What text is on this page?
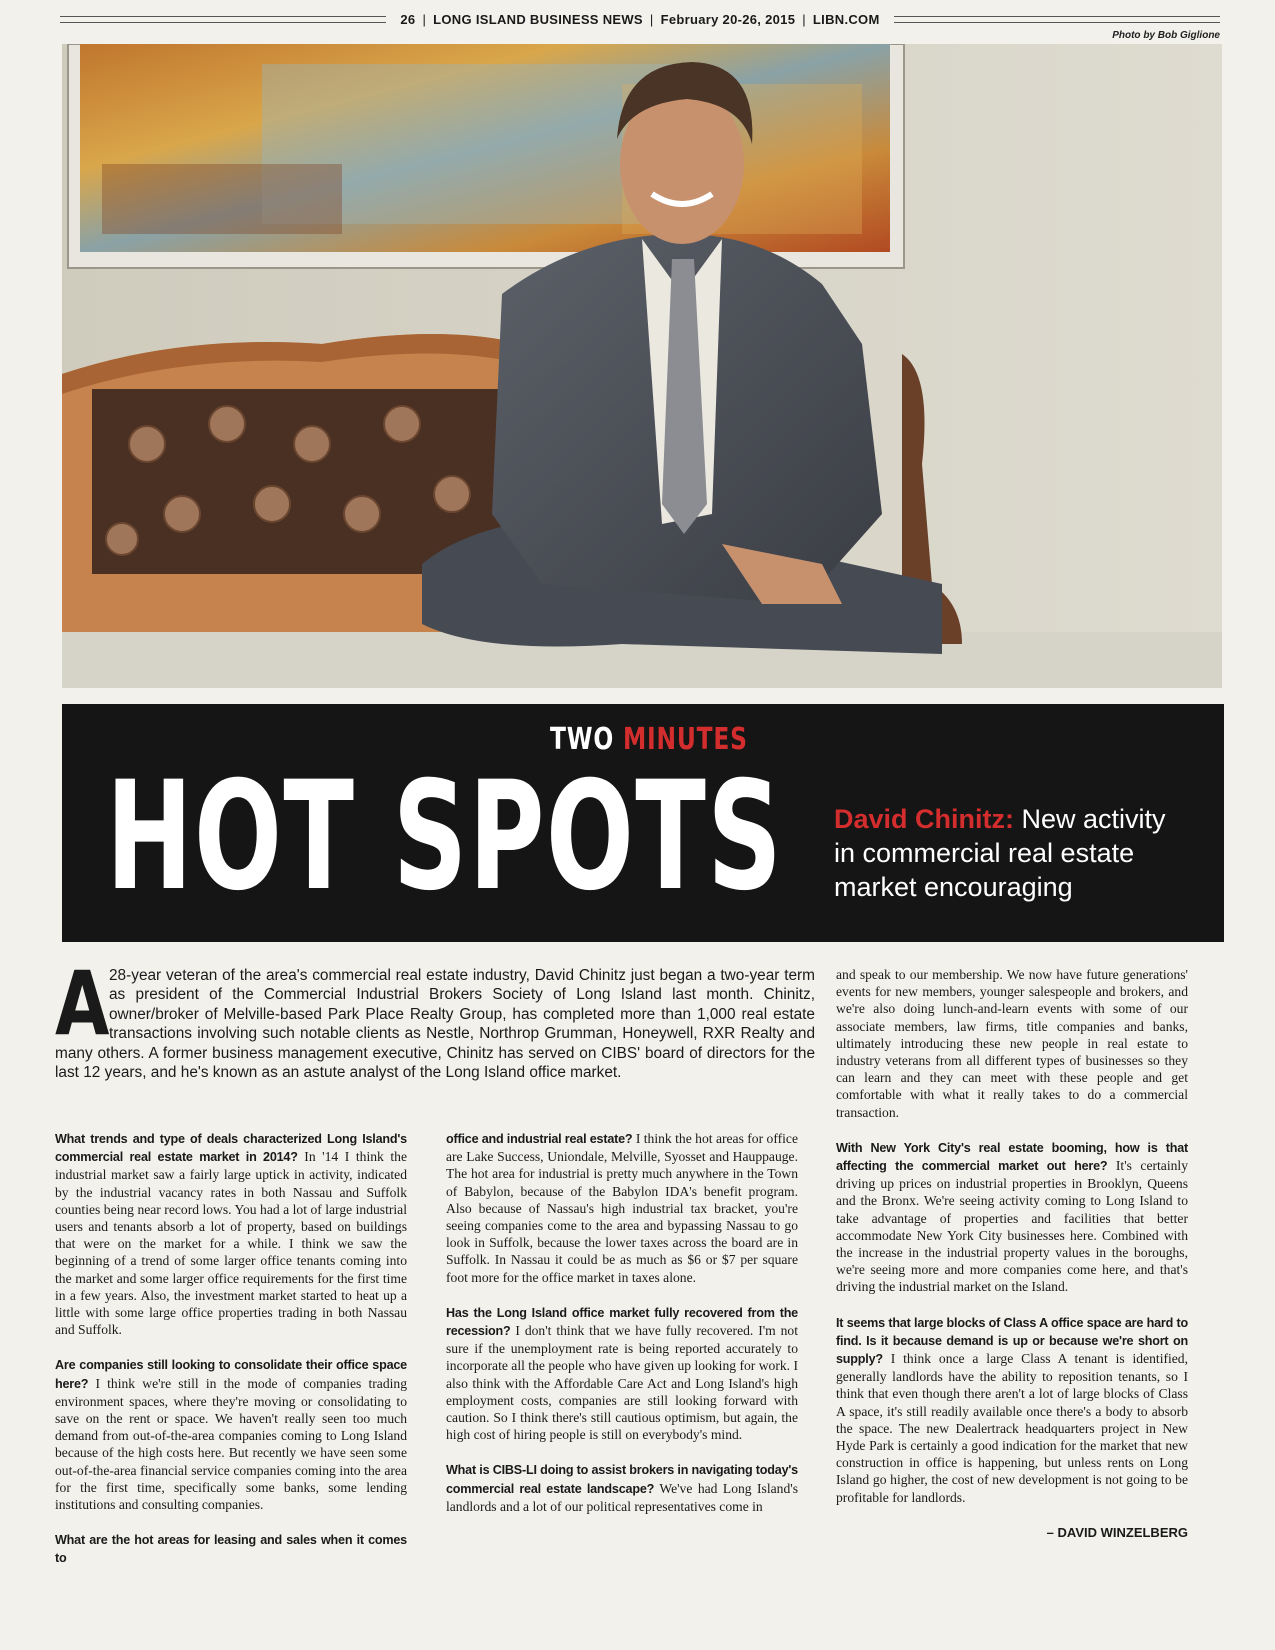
26 | LONG ISLAND BUSINESS NEWS | February 20-26, 2015 | LIBN.COM
Photo by Bob Giglione
TWO MINUTES
HOT SPOTS David Chinitz: New activity in commercial real estate market encouraging
A 28-year veteran of the area's commercial real estate industry, David Chinitz just began a two-year term as president of the Commercial Industrial Brokers Society of Long Island last month. Chinitz, owner/broker of Melville-based Park Place Realty Group, has completed more than 1,000 real estate transactions involving such notable clients as Nestle, Northrop Grumman, Honeywell, RXR Realty and many others. A former business management executive, Chinitz has served on CIBS' board of directors for the last 12 years, and he's known as an astute analyst of the Long Island office market.

What trends and type of deals characterized Long Island's commercial real estate market in 2014? In '14 I think the industrial market saw a fairly large uptick in activity, indicated by the industrial vacancy rates in both Nassau and Suffolk counties being near record lows. You had a lot of large industrial users and tenants absorb a lot of property, based on buildings that were on the market for a while. I think we saw the beginning of a trend of some larger office tenants coming into the market and some larger office requirements for the first time in a few years. Also, the investment market started to heat up a little with some large office properties trading in both Nassau and Suffolk.

Are companies still looking to consolidate their office space here? I think we're still in the mode of companies trading environment spaces, where they're moving or consolidating to save on the rent or space. We haven't really seen too much demand from out-of-the-area companies coming to Long Island because of the high costs here. But recently we have seen some out-of-the-area financial service companies coming into the area for the first time, specifically some banks, some lending institutions and consulting companies.

What are the hot areas for leasing and sales when it comes to

office and industrial real estate? I think the hot areas for office are Lake Success, Uniondale, Melville, Syosset and Hauppauge. The hot area for industrial is pretty much anywhere in the Town of Babylon, because of the Babylon IDA's benefit program. Also because of Nassau's high industrial tax bracket, you're seeing companies come to the area and bypassing Nassau to go look in Suffolk, because the lower taxes across the board are in Suffolk. In Nassau it could be as much as $6 or $7 per square foot more for the office market in taxes alone.

Has the Long Island office market fully recovered from the recession? I don't think that we have fully recovered. I'm not sure if the unemployment rate is being reported accurately to incorporate all the people who have given up looking for work. I also think with the Affordable Care Act and Long Island's high employment costs, companies are still looking forward with caution. So I think there's still cautious optimism, but again, the high cost of hiring people is still on everybody's mind.

What is CIBS-LI doing to assist brokers in navigating today's commercial real estate landscape? We've had Long Island's landlords and a lot of our political representatives come in

and speak to our membership. We now have future generations' events for new members, younger salespeople and brokers, and we're also doing lunch-and-learn events with some of our associate members, law firms, title companies and banks, ultimately introducing these new people in real estate to industry veterans from all different types of businesses so they can learn and they can meet with these people and get comfortable with what it really takes to do a commercial transaction.

With New York City's real estate booming, how is that affecting the commercial market out here? It's certainly driving up prices on industrial properties in Brooklyn, Queens and the Bronx. We're seeing activity coming to Long Island to take advantage of properties and facilities that better accommodate New York City businesses here. Combined with the increase in the industrial property values in the boroughs, we're seeing more and more companies come here, and that's driving the industrial market on the Island.

It seems that large blocks of Class A office space are hard to find. Is it because demand is up or because we're short on supply? I think once a large Class A tenant is identified, generally landlords have the ability to reposition tenants, so I think that even though there aren't a lot of large blocks of Class A space, it's still readily available once there's a body to absorb the space. The new Dealertrack headquarters project in New Hyde Park is certainly a good indication for the market that new construction in office is happening, but unless rents on Long Island go higher, the cost of new development is not going to be profitable for landlords.

– DAVID WINZELBERG
